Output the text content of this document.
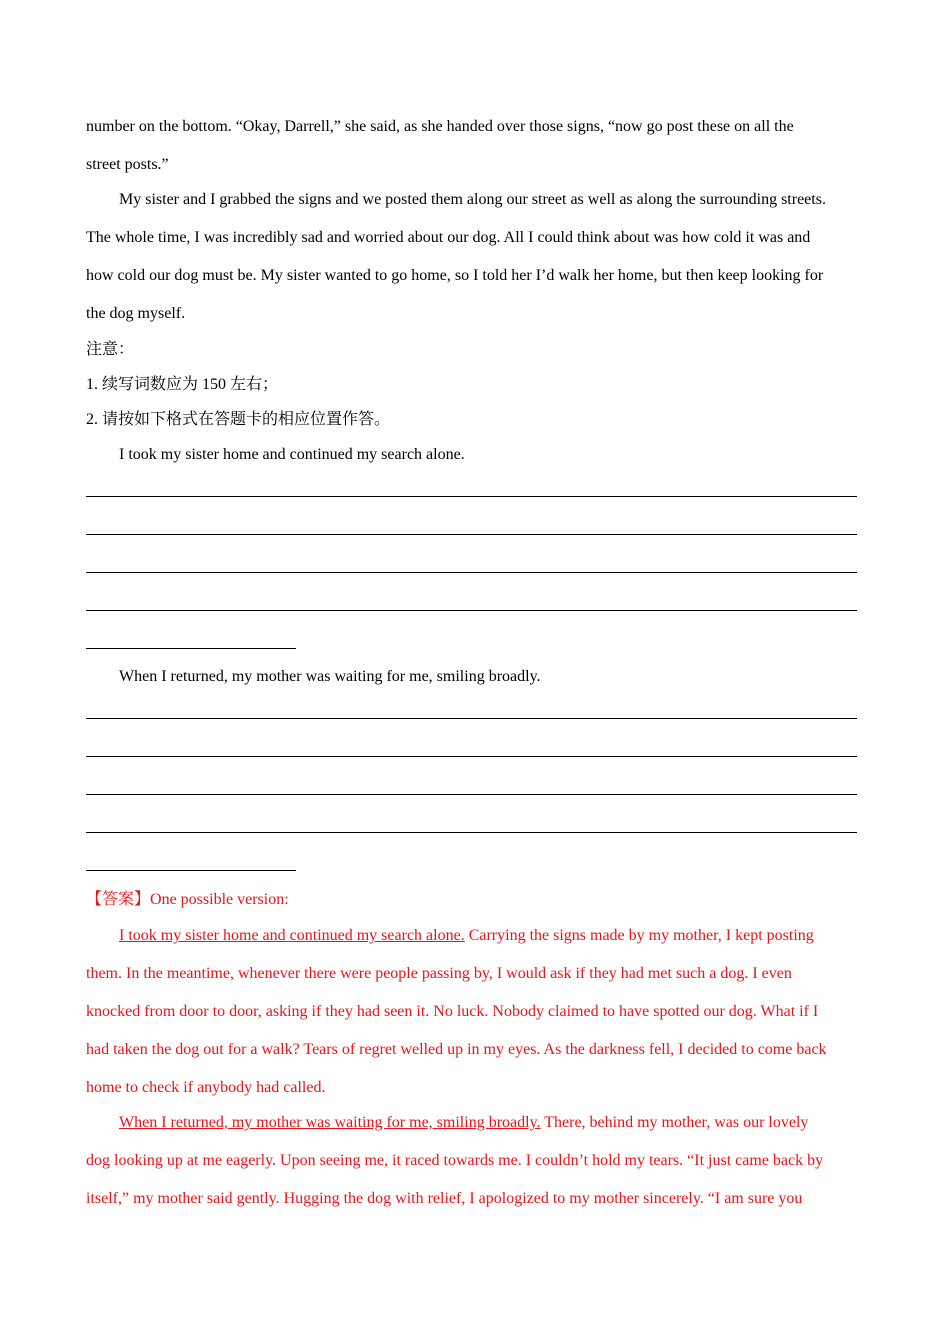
number on the bottom. “Okay, Darrell,” she said, as she handed over those signs, “now go post these on all the
street posts.”
My sister and I grabbed the signs and we posted them along our street as well as along the surrounding streets.
The whole time, I was incredibly sad and worried about our dog. All I could think about was how cold it was and
how cold our dog must be. My sister wanted to go home, so I told her I’d walk her home, but then keep looking for
the dog myself.
注意：
1. 续写词数应为 150 左右；
2. 请按如下格式在答题卡的相应位置作答。
I took my sister home and continued my search alone.
When I returned, my mother was waiting for me, smiling broadly.
【答案】One possible version:
I took my sister home and continued my search alone. Carrying the signs made by my mother, I kept posting
them. In the meantime, whenever there were people passing by, I would ask if they had met such a dog. I even
knocked from door to door, asking if they had seen it. No luck. Nobody claimed to have spotted our dog. What if I
had taken the dog out for a walk? Tears of regret welled up in my eyes. As the darkness fell, I decided to come back
home to check if anybody had called.
When I returned, my mother was waiting for me, smiling broadly. There, behind my mother, was our lovely
dog looking up at me eagerly. Upon seeing me, it raced towards me. I couldn’t hold my tears. “It just came back by
itself,” my mother said gently. Hugging the dog with relief, I apologized to my mother sincerely. “I am sure you
